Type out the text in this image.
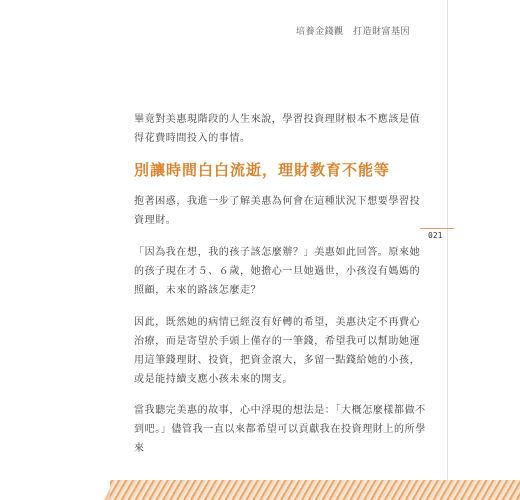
培養金錢觀　打造財富基因
021

畢竟對美惠現階段的人生來說，學習投資理財根本不應該是值得花費時間投入的事情。

別讓時間白白流逝，理財教育不能等

抱著困惑，我進一步了解美惠為何會在這種狀況下想要學習投資理財。

「因為我在想，我的孩子該怎麼辦？」美惠如此回答。原來她的孩子現在才５、６歲，她擔心一旦她過世，小孩沒有媽媽的照顧，未來的路該怎麼走？

因此，既然她的病情已經沒有好轉的希望，美惠決定不再費心治療，而是寄望於手頭上僅存的一筆錢，希望我可以幫助她運用這筆錢理財、投資，把資金滾大，多留一點錢給她的小孩，或是能持續支應小孩未來的開支。

當我聽完美惠的故事，心中浮現的想法是：「大概怎麼樣都做不到吧。」儘管我一直以來都希望可以貢獻我在投資理財上的所學來
